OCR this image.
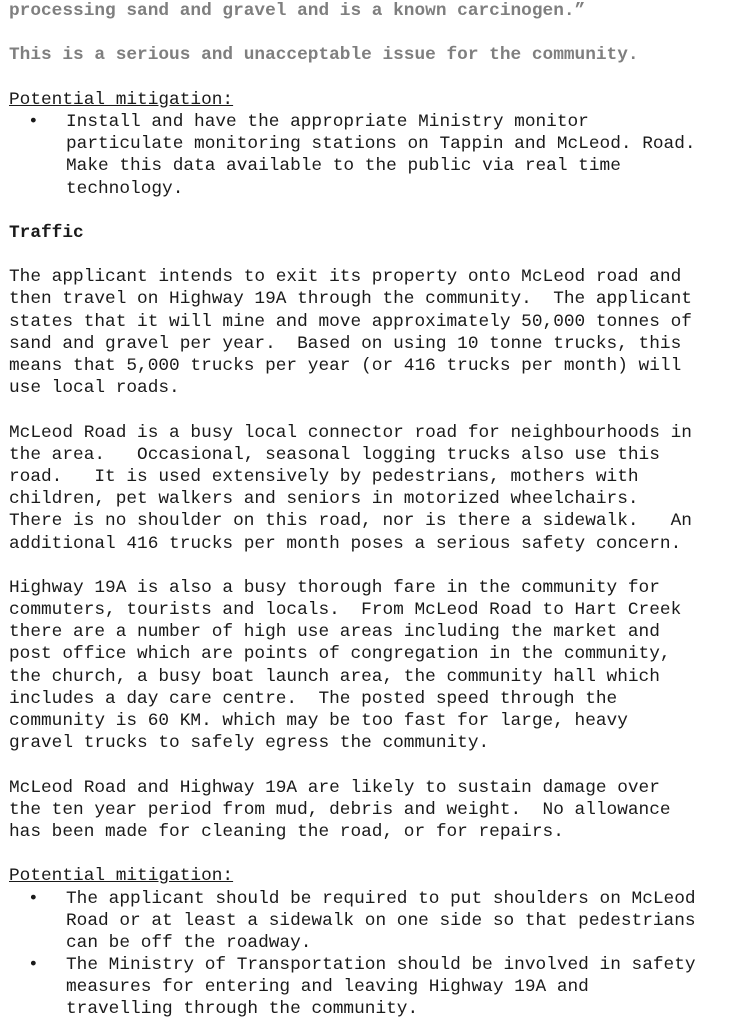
processing sand and gravel and is a known carcinogen.”
This is a serious and unacceptable issue for the community.
Potential mitigation:
• Install and have the appropriate Ministry monitor
particulate monitoring stations on Tappin and McLeod. Road.
Make this data available to the public via real time
technology.
Traffic
The applicant intends to exit its property onto McLeod road and
then travel on Highway 19A through the community.  The applicant
states that it will mine and move approximately 50,000 tonnes of
sand and gravel per year.  Based on using 10 tonne trucks, this
means that 5,000 trucks per year (or 416 trucks per month) will
use local roads.
McLeod Road is a busy local connector road for neighbourhoods in
the area.   Occasional, seasonal logging trucks also use this
road.   It is used extensively by pedestrians, mothers with
children, pet walkers and seniors in motorized wheelchairs.
There is no shoulder on this road, nor is there a sidewalk.   An
additional 416 trucks per month poses a serious safety concern.
Highway 19A is also a busy thorough fare in the community for
commuters, tourists and locals.  From McLeod Road to Hart Creek
there are a number of high use areas including the market and
post office which are points of congregation in the community,
the church, a busy boat launch area, the community hall which
includes a day care centre.  The posted speed through the
community is 60 KM. which may be too fast for large, heavy
gravel trucks to safely egress the community.
McLeod Road and Highway 19A are likely to sustain damage over
the ten year period from mud, debris and weight.  No allowance
has been made for cleaning the road, or for repairs.
Potential mitigation:
• The applicant should be required to put shoulders on McLeod
Road or at least a sidewalk on one side so that pedestrians
can be off the roadway.
• The Ministry of Transportation should be involved in safety
measures for entering and leaving Highway 19A and
travelling through the community.
